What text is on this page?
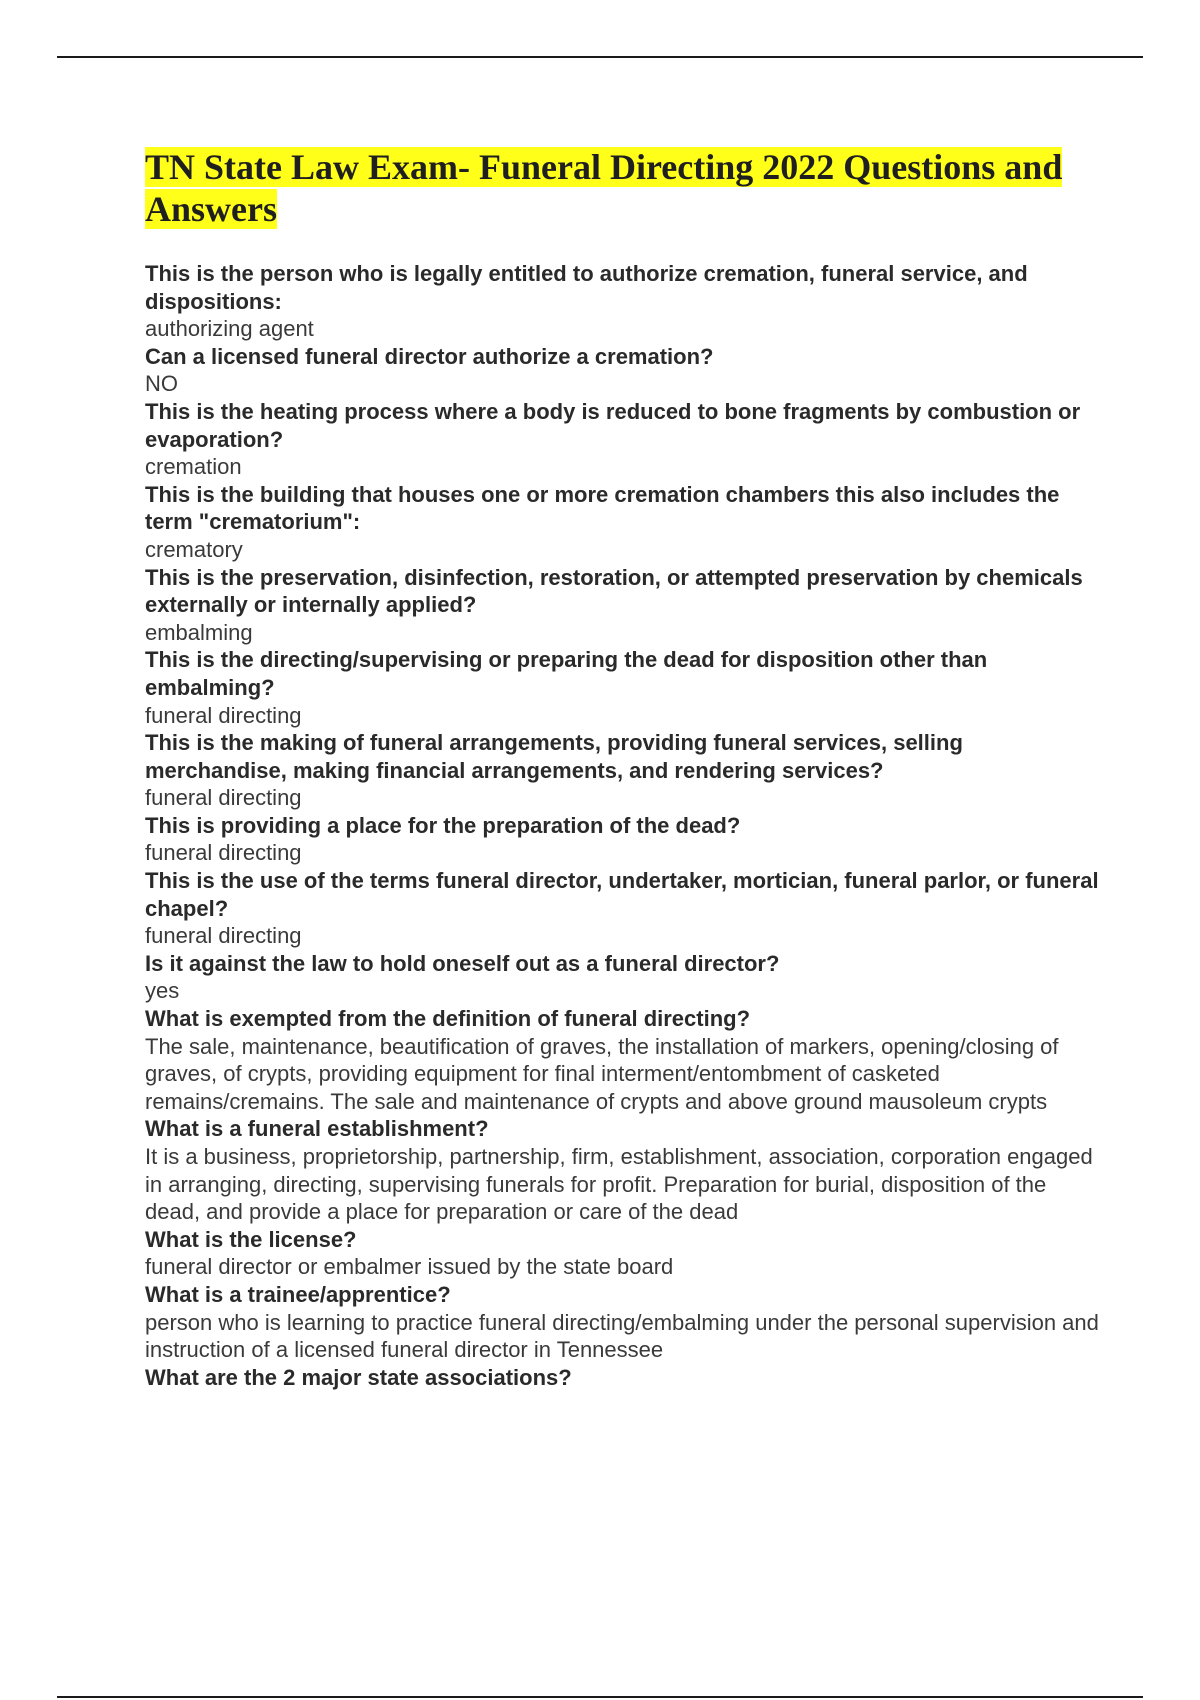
TN State Law Exam- Funeral Directing 2022 Questions and Answers
This is the person who is legally entitled to authorize cremation, funeral service, and dispositions:
authorizing agent
Can a licensed funeral director authorize a cremation?
NO
This is the heating process where a body is reduced to bone fragments by combustion or evaporation?
cremation
This is the building that houses one or more cremation chambers this also includes the term "crematorium":
crematory
This is the preservation, disinfection, restoration, or attempted preservation by chemicals externally or internally applied?
embalming
This is the directing/supervising or preparing the dead for disposition other than embalming?
funeral directing
This is the making of funeral arrangements, providing funeral services, selling merchandise, making financial arrangements, and rendering services?
funeral directing
This is providing a place for the preparation of the dead?
funeral directing
This is the use of the terms funeral director, undertaker, mortician, funeral parlor, or funeral chapel?
funeral directing
Is it against the law to hold oneself out as a funeral director?
yes
What is exempted from the definition of funeral directing?
The sale, maintenance, beautification of graves, the installation of markers, opening/closing of graves, of crypts, providing equipment for final interment/entombment of casketed remains/cremains. The sale and maintenance of crypts and above ground mausoleum crypts
What is a funeral establishment?
It is a business, proprietorship, partnership, firm, establishment, association, corporation engaged in arranging, directing, supervising funerals for profit. Preparation for burial, disposition of the dead, and provide a place for preparation or care of the dead
What is the license?
funeral director or embalmer issued by the state board
What is a trainee/apprentice?
person who is learning to practice funeral directing/embalming under the personal supervision and instruction of a licensed funeral director in Tennessee
What are the 2 major state associations?
